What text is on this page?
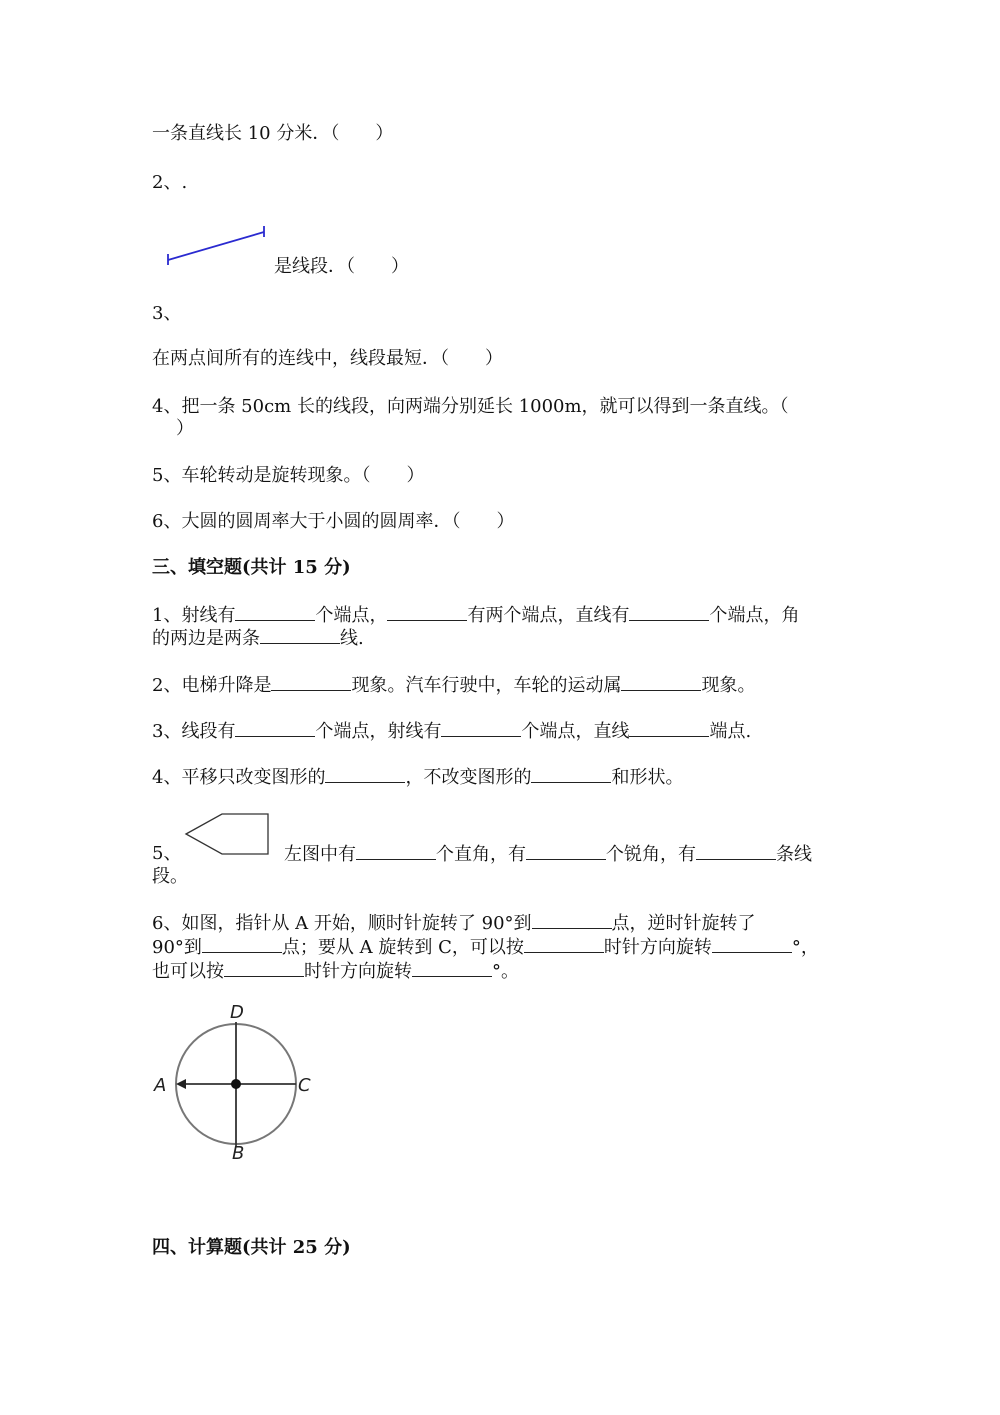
一条直线长 10 分米．（　　）
2、.
是线段．（　　）
3、
在两点间所有的连线中，线段最短．（　　）
4、把一条 50cm 长的线段，向两端分别延长 1000m，就可以得到一条直线。（
）
5、车轮转动是旋转现象。（　　）
6、大圆的圆周率大于小圆的圆周率．（　　）
三、填空题(共计 15 分)
1、射线有	个端点，	有两个端点，直线有	个端点，角
的两边是两条	线.
2、电梯升降是	现象。汽车行驶中，车轮的运动属	现象。
3、线段有	个端点，射线有	个端点，直线	端点.
4、平移只改变图形的	，不改变图形的	和形状。
5、	左图中有	个直角，有	个锐角，有	条线
段。
6、如图，指针从 A 开始，顺时针旋转了 90°到	点，逆时针旋转了
90°到	点；要从 A 旋转到 C，可以按	时针方向旋转	°，
也可以按	时针方向旋转	°。
D
A	C
B
四、计算题(共计 25 分)
